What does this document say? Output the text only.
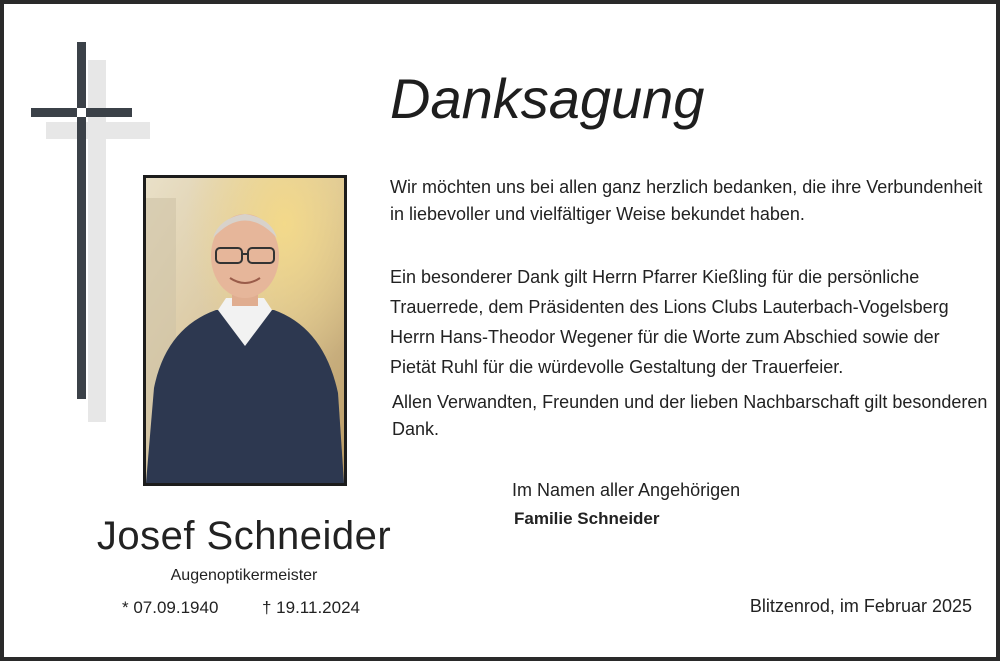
Danksagung

Wir möchten uns bei allen ganz herzlich bedanken, die ihre Verbundenheit in liebevoller und vielfältiger Weise bekundet haben.

Ein besonderer Dank gilt Herrn Pfarrer Kießling für die persönliche Trauerrede, dem Präsidenten des Lions Clubs Lauterbach-Vogelsberg Herrn Hans-Theodor Wegener für die Worte zum Abschied sowie der Pietät Ruhl für die würdevolle Gestaltung der Trauerfeier.

Allen Verwandten, Freunden und der lieben Nachbarschaft gilt besonderen Dank.

Im Namen aller Angehörigen
Familie Schneider
Josef Schneider
Augenoptikermeister
* 07.09.1940	† 19.11.2024	Blitzenrod, im Februar 2025
